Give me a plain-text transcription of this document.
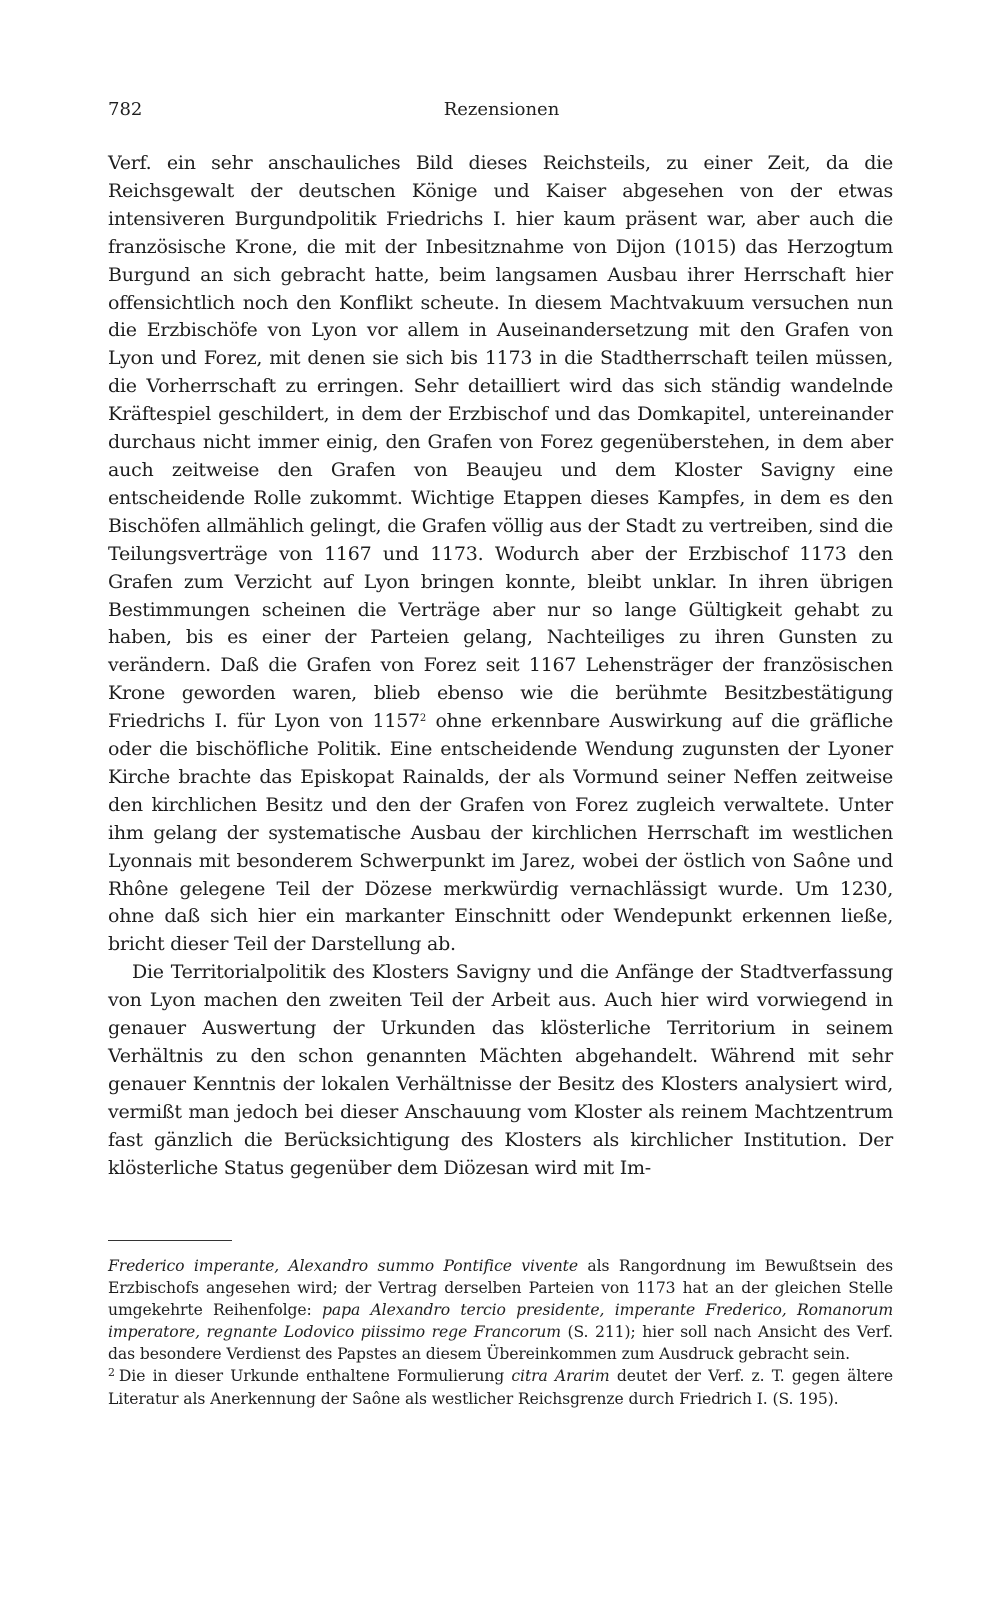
782	Rezensionen

Verf. ein sehr anschauliches Bild dieses Reichsteils, zu einer Zeit, da die Reichsgewalt der deutschen Könige und Kaiser abgesehen von der etwas intensiveren Burgundpolitik Friedrichs I. hier kaum präsent war, aber auch die französische Krone, die mit der Inbesitznahme von Dijon (1015) das Herzogtum Burgund an sich gebracht hatte, beim langsamen Ausbau ihrer Herrschaft hier offensichtlich noch den Konflikt scheute. In diesem Machtvakuum versuchen nun die Erzbischöfe von Lyon vor allem in Auseinandersetzung mit den Grafen von Lyon und Forez, mit denen sie sich bis 1173 in die Stadtherrschaft teilen müssen, die Vorherrschaft zu erringen. Sehr detailliert wird das sich ständig wandelnde Kräftespiel geschildert, in dem der Erzbischof und das Domkapitel, untereinander durchaus nicht immer einig, den Grafen von Forez gegenüberstehen, in dem aber auch zeitweise den Grafen von Beaujeu und dem Kloster Savigny eine entscheidende Rolle zukommt. Wichtige Etappen dieses Kampfes, in dem es den Bischöfen allmählich gelingt, die Grafen völlig aus der Stadt zu vertreiben, sind die Teilungsverträge von 1167 und 1173. Wodurch aber der Erzbischof 1173 den Grafen zum Verzicht auf Lyon bringen konnte, bleibt unklar. In ihren übrigen Bestimmungen scheinen die Verträge aber nur so lange Gültigkeit gehabt zu haben, bis es einer der Parteien gelang, Nachteiliges zu ihren Gunsten zu verändern. Daß die Grafen von Forez seit 1167 Lehensträger der französischen Krone geworden waren, blieb ebenso wie die berühmte Besitzbestätigung Friedrichs I. für Lyon von 1157$^2$ ohne erkennbare Auswirkung auf die gräfliche oder die bischöfliche Politik. Eine entscheidende Wendung zugunsten der Lyoner Kirche brachte das Episkopat Rainalds, der als Vormund seiner Neffen zeitweise den kirchlichen Besitz und den der Grafen von Forez zugleich verwaltete. Unter ihm gelang der systematische Ausbau der kirchlichen Herrschaft im westlichen Lyonnais mit besonderem Schwerpunkt im Jarez, wobei der östlich von Saône und Rhône gelegene Teil der Dözese merkwürdig vernachlässigt wurde. Um 1230, ohne daß sich hier ein markanter Einschnitt oder Wendepunkt erkennen ließe, bricht dieser Teil der Darstellung ab.

Die Territorialpolitik des Klosters Savigny und die Anfänge der Stadtverfassung von Lyon machen den zweiten Teil der Arbeit aus. Auch hier wird vorwiegend in genauer Auswertung der Urkunden das klösterliche Territorium in seinem Verhältnis zu den schon genannten Mächten abgehandelt. Während mit sehr genauer Kenntnis der lokalen Verhältnisse der Besitz des Klosters analysiert wird, vermißt man jedoch bei dieser Anschauung vom Kloster als reinem Machtzentrum fast gänzlich die Berücksichtigung des Klosters als kirchlicher Institution. Der klösterliche Status gegenüber dem Diözesan wird mit Im-

Frederico imperante, Alexandro summo Pontifice vivente als Rangordnung im Bewußtsein des Erzbischofs angesehen wird; der Vertrag derselben Parteien von 1173 hat an der gleichen Stelle umgekehrte Reihenfolge: papa Alexandro tercio presidente, imperante Frederico, Romanorum imperatore, regnante Lodovico piissimo rege Francorum (S. 211); hier soll nach Ansicht des Verf. das besondere Verdienst des Papstes an diesem Übereinkommen zum Ausdruck gebracht sein.

$^2$ Die in dieser Urkunde enthaltene Formulierung citra Ararim deutet der Verf. z. T. gegen ältere Literatur als Anerkennung der Saône als westlicher Reichsgrenze durch Friedrich I. (S. 195).
